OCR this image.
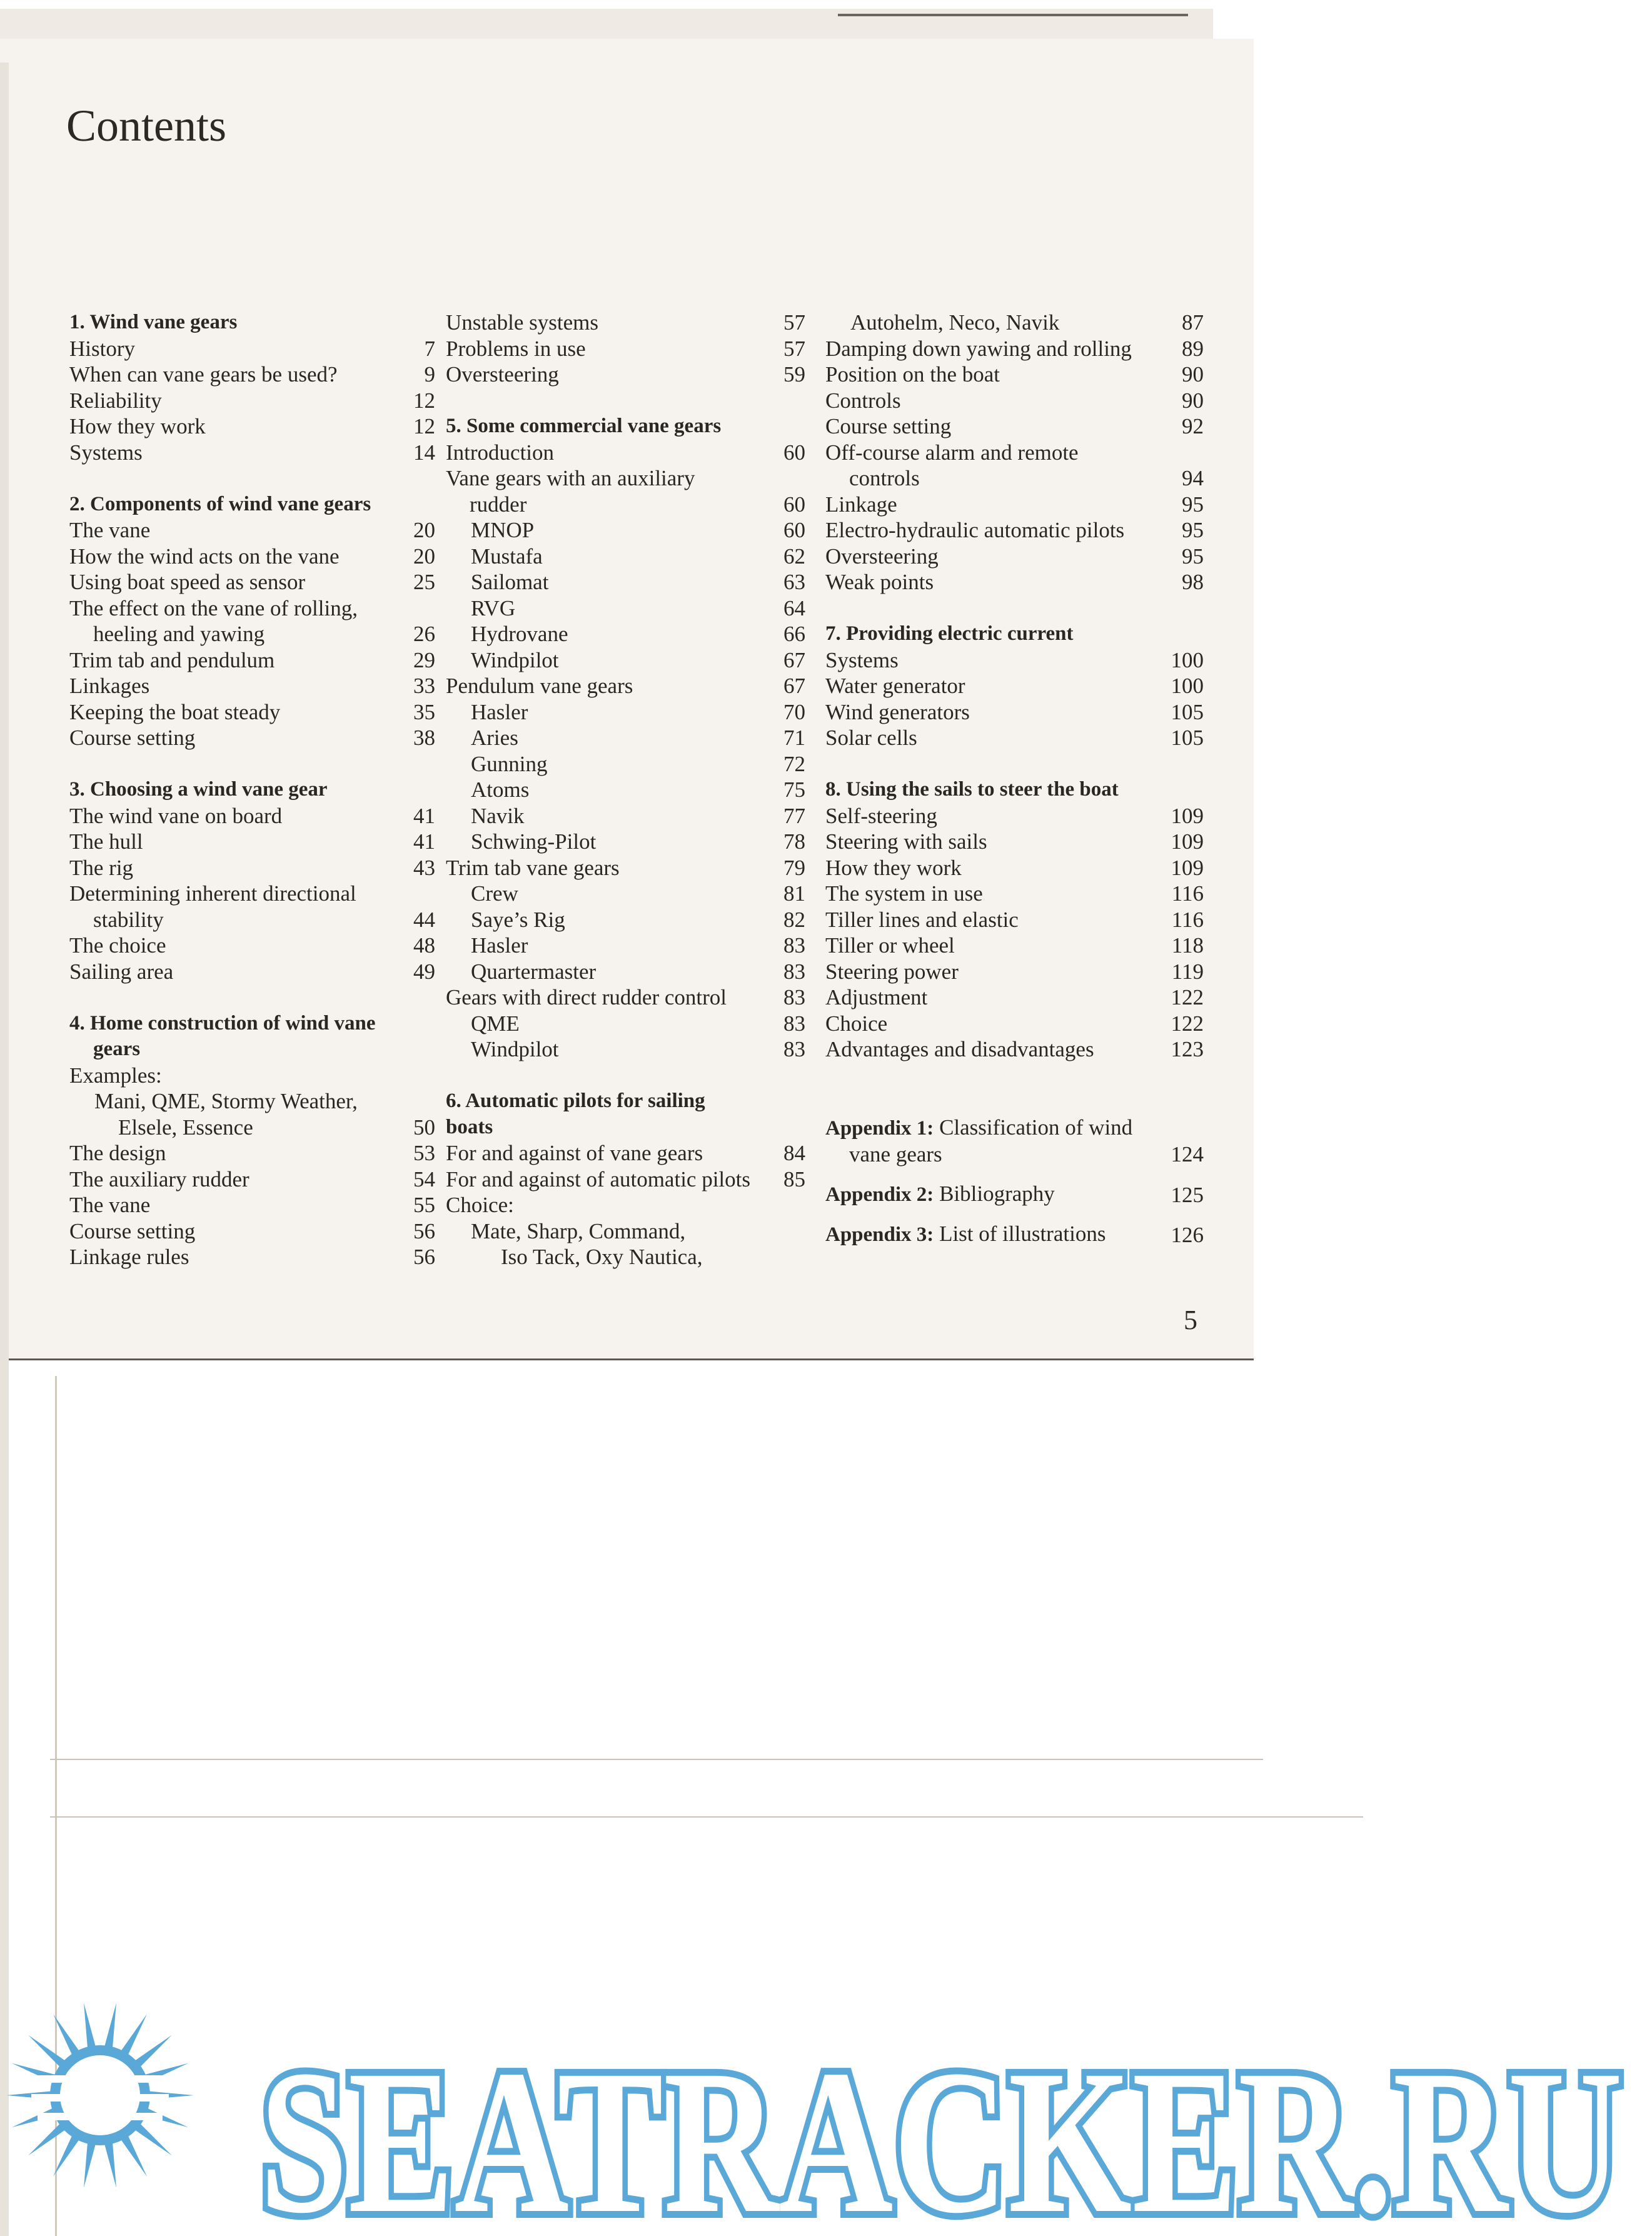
Contents
1. Wind vane gears
History	7
When can vane gears be used?	9
Reliability	12
How they work	12
Systems	14
2. Components of wind vane gears
The vane	20
How the wind acts on the vane	20
Using boat speed as sensor	25
The effect on the vane of rolling, heeling and yawing	26
Trim tab and pendulum	29
Linkages	33
Keeping the boat steady	35
Course setting	38
3. Choosing a wind vane gear
The wind vane on board	41
The hull	41
The rig	43
Determining inherent directional stability	44
The choice	48
Sailing area	49
4. Home construction of wind vane gears
Examples:
Mani, QME, Stormy Weather, Elsele, Essence	50
The design	53
The auxiliary rudder	54
The vane	55
Course setting	56
Linkage rules	56
Unstable systems	57
Problems in use	57
Oversteering	59
5. Some commercial vane gears
Introduction	60
Vane gears with an auxiliary rudder	60
MNOP	60
Mustafa	62
Sailomat	63
RVG	64
Hydrovane	66
Windpilot	67
Pendulum vane gears	67
Hasler	70
Aries	71
Gunning	72
Atoms	75
Navik	77
Schwing-Pilot	78
Trim tab vane gears	79
Crew	81
Saye’s Rig	82
Hasler	83
Quartermaster	83
Gears with direct rudder control	83
QME	83
Windpilot	83
6. Automatic pilots for sailing boats
For and against of vane gears	84
For and against of automatic pilots	85
Choice:
Mate, Sharp, Command,
Iso Tack, Oxy Nautica,
Autohelm, Neco, Navik	87
Damping down yawing and rolling	89
Position on the boat	90
Controls	90
Course setting	92
Off-course alarm and remote controls	94
Linkage	95
Electro-hydraulic automatic pilots	95
Oversteering	95
Weak points	98
7. Providing electric current
Systems	100
Water generator	100
Wind generators	105
Solar cells	105
8. Using the sails to steer the boat
Self-steering	109
Steering with sails	109
How they work	109
The system in use	116
Tiller lines and elastic	116
Tiller or wheel	118
Steering power	119
Adjustment	122
Choice	122
Advantages and disadvantages	123
Appendix 1: Classification of wind vane gears	124
Appendix 2: Bibliography	125
Appendix 3: List of illustrations	126
5
SEATRACKER.RU
